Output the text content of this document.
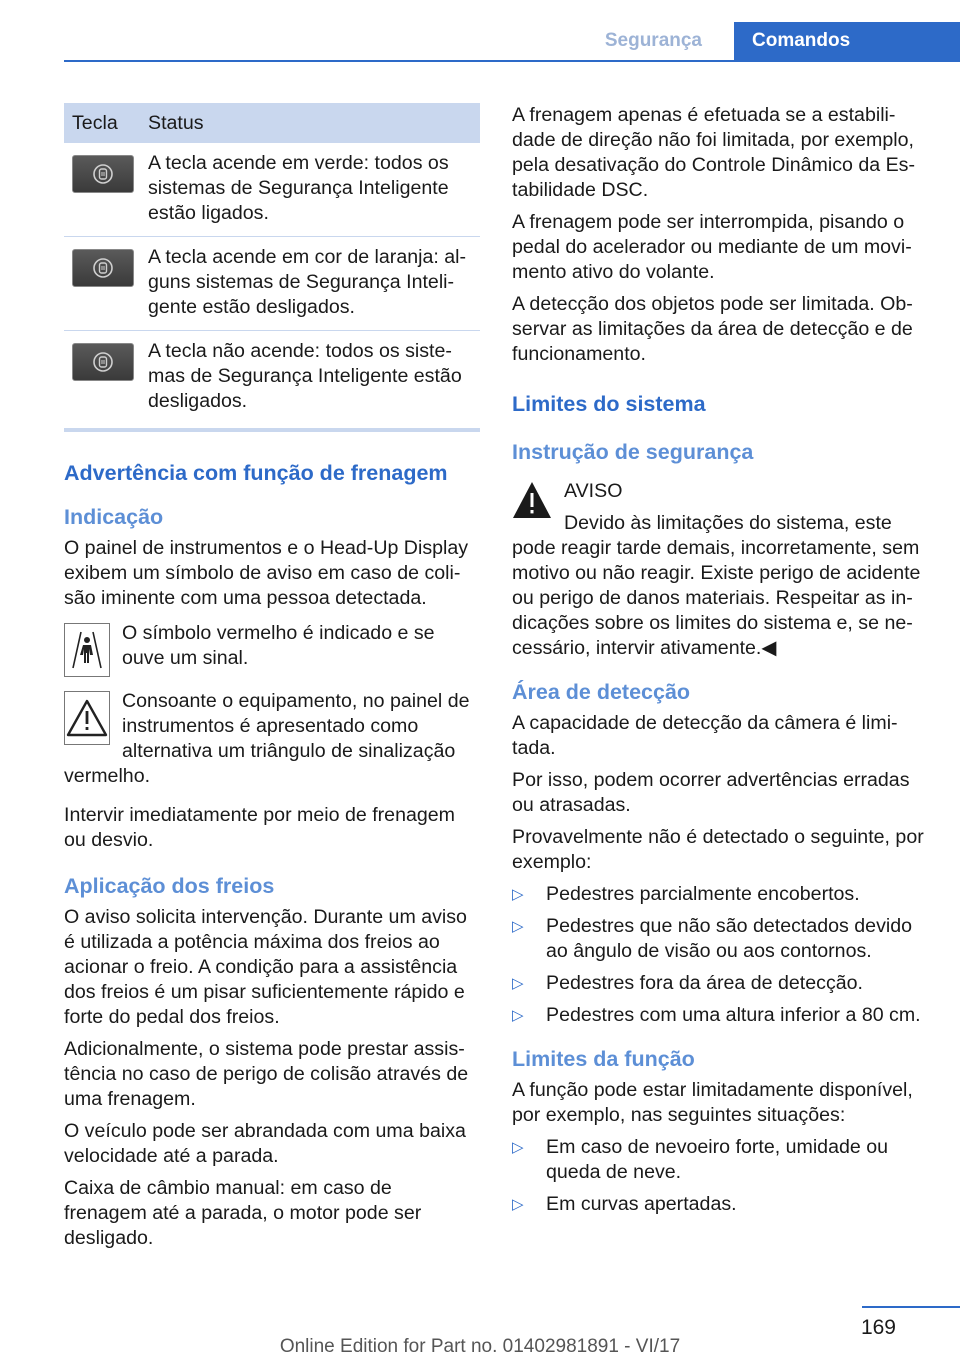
Segurança	Comandos
Tecla	Status

	A tecla acende em verde: todos os sistemas de Segurança Inteligente estão ligados.

	A tecla acende em cor de laranja: al‐guns sistemas de Segurança Inteli‐gente estão desligados.

	A tecla não acende: todos os siste‐mas de Segurança Inteligente estão desligados.
Advertência com função de frenagem
Indicação

O painel de instrumentos e o Head-Up Display exibem um símbolo de aviso em caso de coli‐são iminente com uma pessoa detectada.

O símbolo vermelho é indicado e se ouve um sinal.
Consoante o equipamento, no painel de instrumentos é apresentado como alternativa um triângulo de sinalização vermelho.

Intervir imediatamente por meio de frenagem ou desvio.

Aplicação dos freios

O aviso solicita intervenção. Durante um aviso é utilizada a potência máxima dos freios ao acionar o freio. A condição para a assistência dos freios é um pisar suficientemente rápido e forte do pedal dos freios.

Adicionalmente, o sistema pode prestar assis‐tência no caso de perigo de colisão através de uma frenagem.

O veículo pode ser abrandada com uma baixa velocidade até a parada.

Caixa de câmbio manual: em caso de frenagem até a parada, o motor pode ser desligado.

A frenagem apenas é efetuada se a estabili‐dade de direção não foi limitada, por exemplo, pela desativação do Controle Dinâmico da Es‐tabilidade DSC.

A frenagem pode ser interrompida, pisando o pedal do acelerador ou mediante de um movi‐mento ativo do volante.

A detecção dos objetos pode ser limitada. Ob‐servar as limitações da área de detecção e de funcionamento.

Limites do sistema
Instrução de segurança
AVISO
Devido às limitações do sistema, este pode reagir tarde demais, incorretamente, sem motivo ou não reagir. Existe perigo de acidente ou perigo de danos materiais. Respeitar as in‐dicações sobre os limites do sistema e, se ne‐cessário, intervir ativamente.◀
Área de detecção

A capacidade de detecção da câmera é limi‐tada.

Por isso, podem ocorrer advertências erradas ou atrasadas.

Provavelmente não é detectado o seguinte, por exemplo:

▷ Pedestres parcialmente encobertos.
▷ Pedestres que não são detectados devido ao ângulo de visão ou aos contornos.
▷ Pedestres fora da área de detecção.
▷ Pedestres com uma altura inferior a 80 cm.
Limites da função

A função pode estar limitadamente disponível, por exemplo, nas seguintes situações:

▷ Em caso de nevoeiro forte, umidade ou queda de neve.
▷ Em curvas apertadas.
169
Online Edition for Part no. 01402981891 - VI/17
